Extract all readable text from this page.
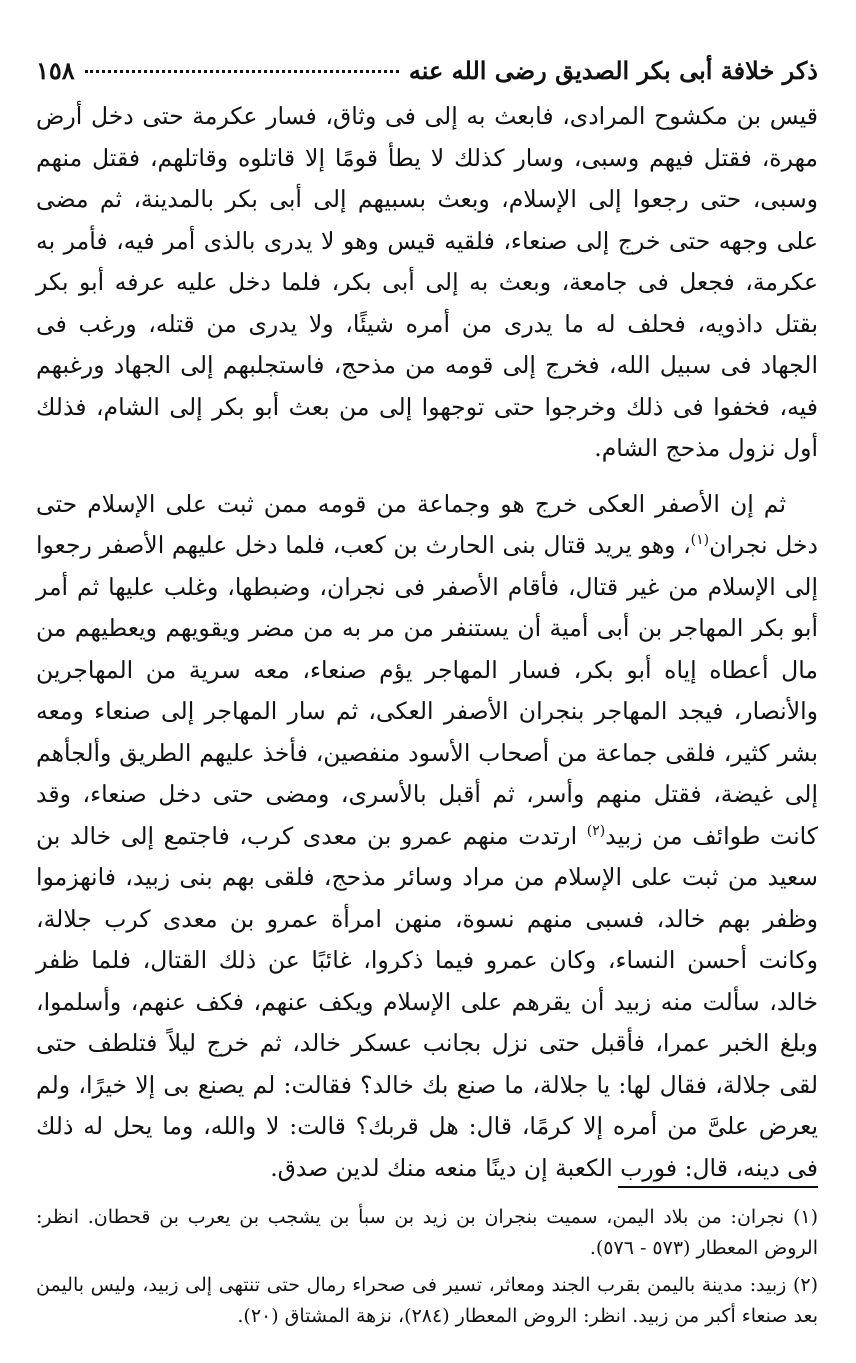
ذكر خلافة أبى بكر الصديق رضى الله عنه
١٥٨

قيس بن مكشوح المرادى، فابعث به إلى فى وثاق، فسار عكرمة حتى دخل أرض مهرة، فقتل فيهم وسبى، وسار كذلك لا يطأ قومًا إلا قاتلوه وقاتلهم، فقتل منهم وسبى، حتى رجعوا إلى الإسلام، وبعث بسبيهم إلى أبى بكر بالمدينة، ثم مضى على وجهه حتى خرج إلى صنعاء، فلقيه قيس وهو لا يدرى بالذى أمر فيه، فأمر به عكرمة، فجعل فى جامعة، وبعث به إلى أبى بكر، فلما دخل عليه عرفه أبو بكر بقتل داذويه، فحلف له ما يدرى من أمره شيئًا، ولا يدرى من قتله، ورغب فى الجهاد فى سبيل الله، فخرج إلى قومه من مذحج، فاستجلبهم إلى الجهاد ورغبهم فيه، فخفوا فى ذلك وخرجوا حتى توجهوا إلى من بعث أبو بكر إلى الشام، فذلك أول نزول مذحج الشام.

ثم إن الأصفر العكى خرج هو وجماعة من قومه ممن ثبت على الإسلام حتى دخل نجران$^{(١)}$، وهو يريد قتال بنى الحارث بن كعب، فلما دخل عليهم الأصفر رجعوا إلى الإسلام من غير قتال، فأقام الأصفر فى نجران، وضبطها، وغلب عليها ثم أمر أبو بكر المهاجر بن أبى أمية أن يستنفر من مر به من مضر ويقويهم ويعطيهم من مال أعطاه إياه أبو بكر، فسار المهاجر يؤم صنعاء، معه سرية من المهاجرين والأنصار، فيجد المهاجر بنجران الأصفر العكى، ثم سار المهاجر إلى صنعاء ومعه بشر كثير، فلقى جماعة من أصحاب الأسود منفصين، فأخذ عليهم الطريق وألجأهم إلى غيضة، فقتل منهم وأسر، ثم أقبل بالأسرى، ومضى حتى دخل صنعاء، وقد كانت طوائف من زبيد$^{(٢)}$ ارتدت منهم عمرو بن معدى كرب، فاجتمع إلى خالد بن سعيد من ثبت على الإسلام من مراد وسائر مذحج، فلقى بهم بنى زبيد، فانهزموا وظفر بهم خالد، فسبى منهم نسوة، منهن امرأة عمرو بن معدى كرب جلالة، وكانت أحسن النساء، وكان عمرو فيما ذكروا، غائبًا عن ذلك القتال، فلما ظفر خالد، سألت منه زبيد أن يقرهم على الإسلام ويكف عنهم، فكف عنهم، وأسلموا، وبلغ الخبر عمرا، فأقبل حتى نزل بجانب عسكر خالد، ثم خرج ليلاً فتلطف حتى لقى جلالة، فقال لها: يا جلالة، ما صنع بك خالد؟ فقالت: لم يصنع بى إلا خيرًا، ولم يعرض علىَّ من أمره إلا كرمًا، قال: هل قربك؟ قالت: لا والله، وما يحل له ذلك فى دينه، قال: فورب الكعبة إن دينًا منعه منك لدين صدق.

(١) نجران: من بلاد اليمن، سميت بنجران بن زيد بن سبأ بن يشجب بن يعرب بن قحطان. انظر: الروض المعطار (٥٧٣ - ٥٧٦).

(٢) زبيد: مدينة باليمن بقرب الجند ومعاثر، تسير فى صحراء رمال حتى تنتهى إلى زبيد، وليس باليمن بعد صنعاء أكبر من زبيد. انظر: الروض المعطار (٢٨٤)، نزهة المشتاق (٢٠).
